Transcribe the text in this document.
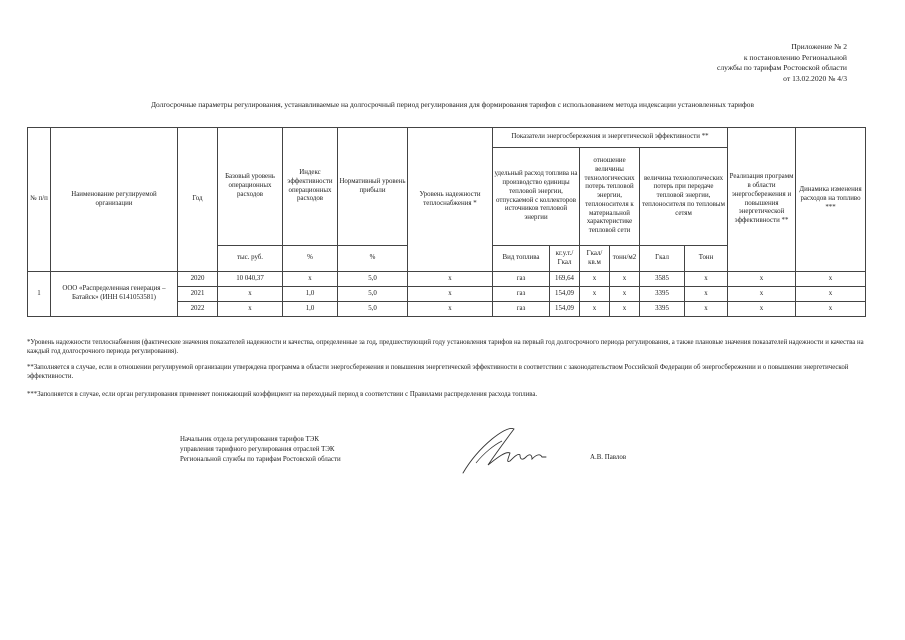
Приложение № 2
к постановлению Региональной
службы по тарифам Ростовской области
от 13.02.2020 № 4/3
Долгосрочные параметры регулирования, устанавливаемые на долгосрочный период регулирования для формирования тарифов с использованием метода индексации установленных тарифов
№ п/п	Наименование регулируемой организации	Год	Базовый уровень операционных расходов	Индекс эффективности операционных расходов	Нормативный уровень прибыли	Уровень надежности теплоснабжения *	Показатели энергосбережения и энергетической эффективности **						Реализация программ в области энергосбережения и повышения энергетической эффективности **	Динамика изменения расходов на топливо ***
							удельный расход топлива на производство единицы тепловой энергии, отпускаемой с коллекторов источников тепловой энергии		отношение величины технологических потерь тепловой энергии, теплоносителя к материальной характеристике тепловой сети		величина технологических потерь при передаче тепловой энергии, теплоносителя по тепловым сетям			
			тыс. руб.	%	%		Вид топлива	кг.у.т./ Гкал	Гкал/ кв.м	тонн/м2	Гкал	Тонн		
1	ООО «Распределенная генерация – Батайск» (ИНН 6141053581)	2020	10 040,37	х	5,0	х	газ	169,64	х	х	3585	х	х	х
		2021	х	1,0	5,0	х	газ	154,09	х	х	3395	х	х	х
		2022	х	1,0	5,0	х	газ	154,09	х	х	3395	х	х	х
*Уровень надежности теплоснабжения (фактические значения показателей надежности и качества, определенные за год, предшествующий году установления тарифов на первый год долгосрочного периода регулирования, а также плановые значения показателей надежности и качества на каждый год долгосрочного периода регулирования).
**Заполняется в случае, если в отношении регулируемой организации утверждена программа в области энергосбережения и повышения энергетической эффективности в соответствии с законодательством Российской Федерации об энергосбережении и о повышении энергетической эффективности.
***Заполняется в случае, если орган регулирования применяет понижающий коэффициент на переходный период в соответствии с Правилами распределения расхода топлива.
Начальник отдела регулирования тарифов ТЭК
управления тарифного регулирования отраслей ТЭК
Региональной службы по тарифам Ростовской области	А.В. Павлов
